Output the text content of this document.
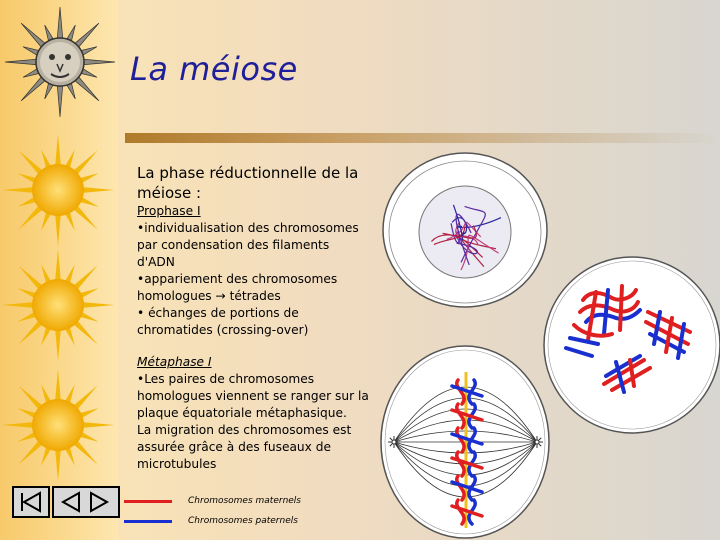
La méiose
La phase réductionnelle de la méiose :
Prophase I
•individualisation des chromosomes par condensation des filaments d'ADN
•appariement des chromosomes homologues → tétrades
• échanges de portions de chromatides (crossing-over)
Métaphase I
•Les paires de chromosomes homologues viennent se ranger sur la plaque équatoriale métaphasique.
La migration des chromosomes est assurée grâce à des fuseaux de microtubules
Chromosomes maternels
Chromosomes paternels
